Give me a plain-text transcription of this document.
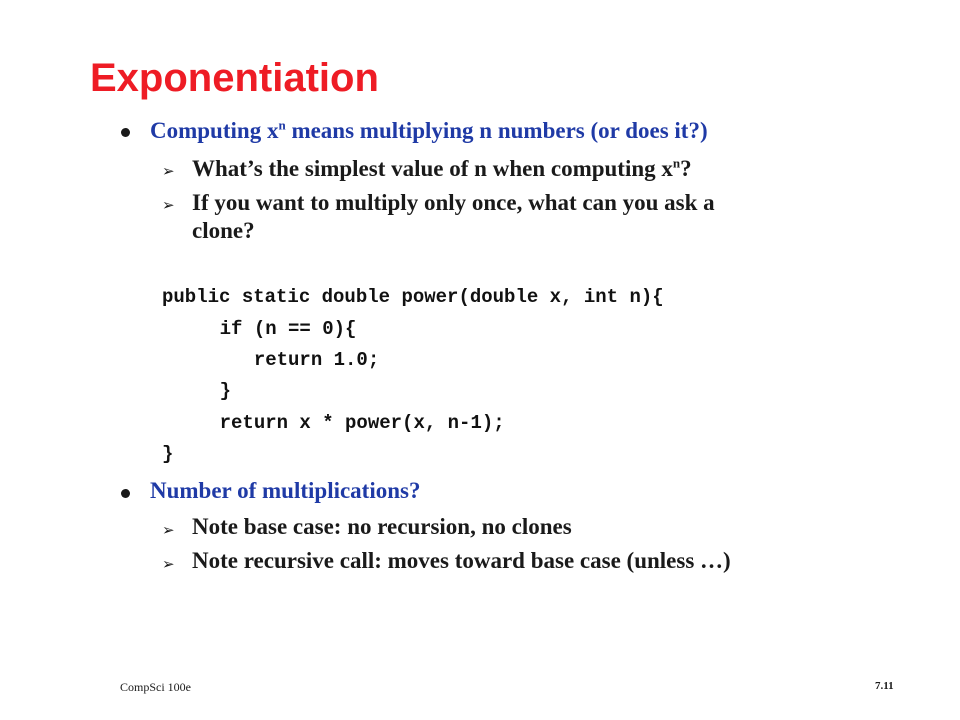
Exponentiation
Computing $x^n$ means multiplying n numbers (or does it?)
➢ What’s the simplest value of n when computing $x^n$?
➢ If you want to multiply only once, what can you ask a
clone?
public static double power(double x, int n){
if (n == 0){
return 1.0;
}
return x * power(x, n-1);
}
Number of multiplications?
➢ Note base case: no recursion, no clones
➢ Note recursive call: moves toward base case (unless …)
CompSci 100e	7.11
